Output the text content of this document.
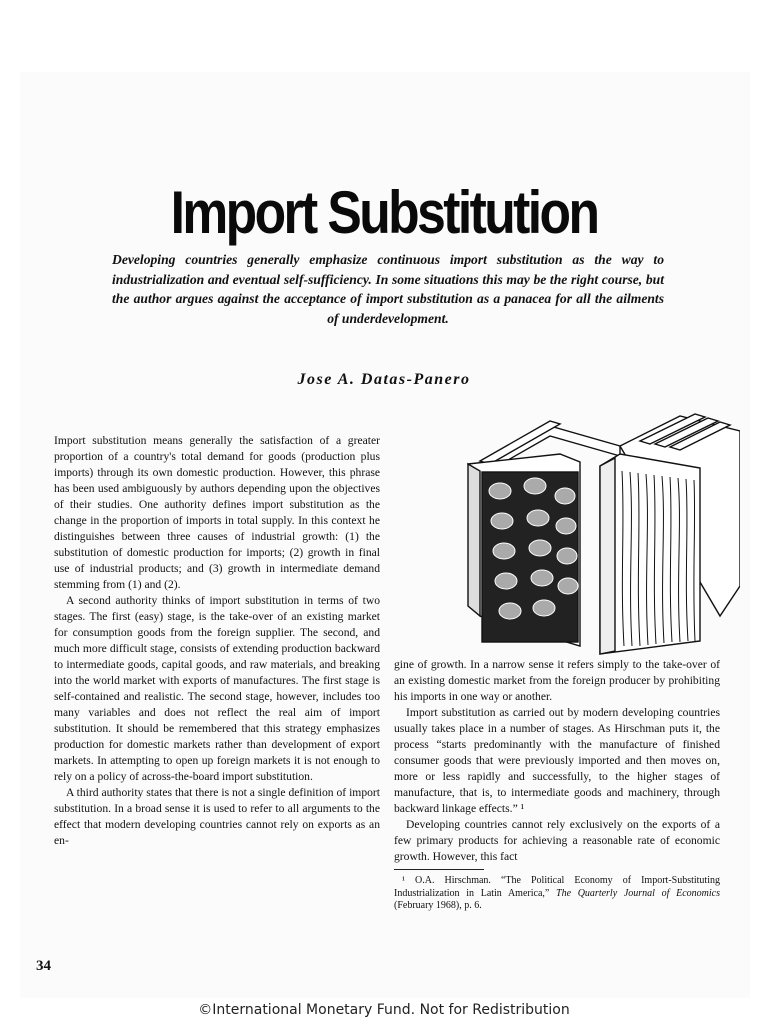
Import Substitution
Developing countries generally emphasize continuous import substitution as the way to industrialization and eventual self-sufficiency. In some situations this may be the right course, but the author argues against the acceptance of import substitution as a panacea for all the ailments of underdevelopment.
Jose A. Datas-Panero

Import substitution means generally the satisfaction of a greater proportion of a country's total demand for goods (production plus imports) through its own domestic production. However, this phrase has been used ambiguously by authors depending upon the objectives of their studies. One authority defines import substitution as the change in the proportion of imports in total supply. In this context he distinguishes between three causes of industrial growth: (1) the substitution of domestic production for imports; (2) growth in final use of industrial products; and (3) growth in intermediate demand stemming from (1) and (2).

A second authority thinks of import substitution in terms of two stages. The first (easy) stage, is the take-over of an existing market for consumption goods from the foreign supplier. The second, and much more difficult stage, consists of extending production backward to intermediate goods, capital goods, and raw materials, and breaking into the world market with exports of manufactures. The first stage is self-contained and realistic. The second stage, however, includes too many variables and does not reflect the real aim of import substitution. It should be remembered that this strategy emphasizes production for domestic markets rather than development of export markets. In attempting to open up foreign markets it is not enough to rely on a policy of across-the-board import substitution.

A third authority states that there is not a single definition of import substitution. In a broad sense it is used to refer to all arguments to the effect that modern developing countries cannot rely on exports as an en-

gine of growth. In a narrow sense it refers simply to the take-over of an existing domestic market from the foreign producer by prohibiting his imports in one way or another.

Import substitution as carried out by modern developing countries usually takes place in a number of stages. As Hirschman puts it, the process “starts predominantly with the manufacture of finished consumer goods that were previously imported and then moves on, more or less rapidly and successfully, to the higher stages of manufacture, that is, to intermediate goods and machinery, through backward linkage effects.” ¹

Developing countries cannot rely exclusively on the exports of a few primary products for achieving a reasonable rate of economic growth. However, this fact

¹ O.A. Hirschman. “The Political Economy of Import-Substituting Industrialization in Latin America,” The Quarterly Journal of Economics (February 1968), p. 6.
34
©International Monetary Fund. Not for Redistribution
